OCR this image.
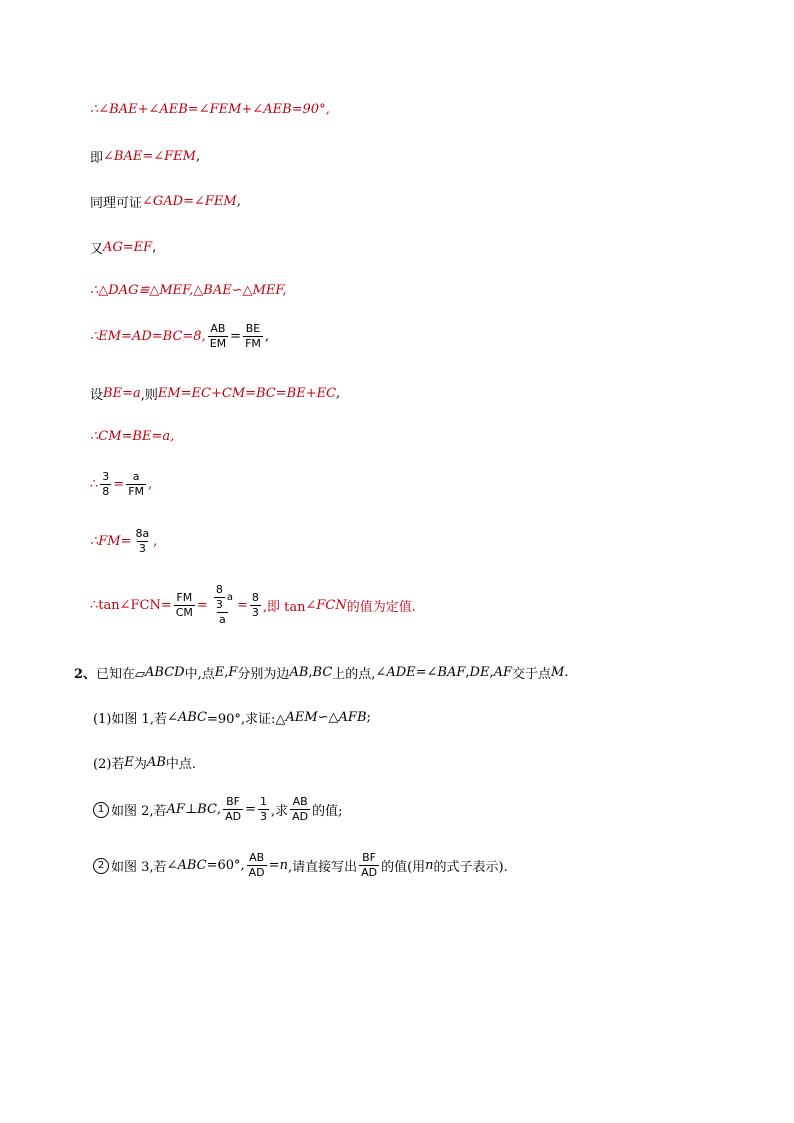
∴∠BAE+∠AEB=∠FEM+∠AEB=90°,
即 ∠BAE=∠FEM ,
同理可证 ∠GAD=∠FEM ,
又 AG=EF ,
∴△DAG≌△MEF,△BAE∽△MEF,
∴EM=AD=BC=8, $\frac{AB}{EM} = \frac{BE}{FM}$ ,
设 BE=a ,则 EM=EC+CM=BC=BE+EC ,
∴CM=BE=a,
∴ $\frac{3}{8} = \frac{a}{FM}$ ,
∴FM= $\frac{8a}{3}$ ,
∴tan∠FCN= $\frac{FM}{CM} = \frac{\frac{8}{3} a}{a} = \frac{8}{3}$ ,即 tan ∠FCN 的值为定值.
2、 已知在▱ ABCD 中,点 E , F 分别为边 AB , BC 上的点, ∠ADE=∠BAF , DE , AF 交于点 M .
(1)如图 1,若 ∠ABC =90°,求证:△ AEM ∽△ AFB ;
(2)若 E 为 AB 中点.
1 如图 2,若 AF⊥BC , $\frac{BF}{AD} = \frac{1}{3}$ ,求 $\frac{AB}{AD}$ 的值;
2 如图 3,若 ∠ABC =60°, $\frac{AB}{AD} = n$ ,请直接写出 $\frac{BF}{AD}$ 的值(用 n 的式子表示).
